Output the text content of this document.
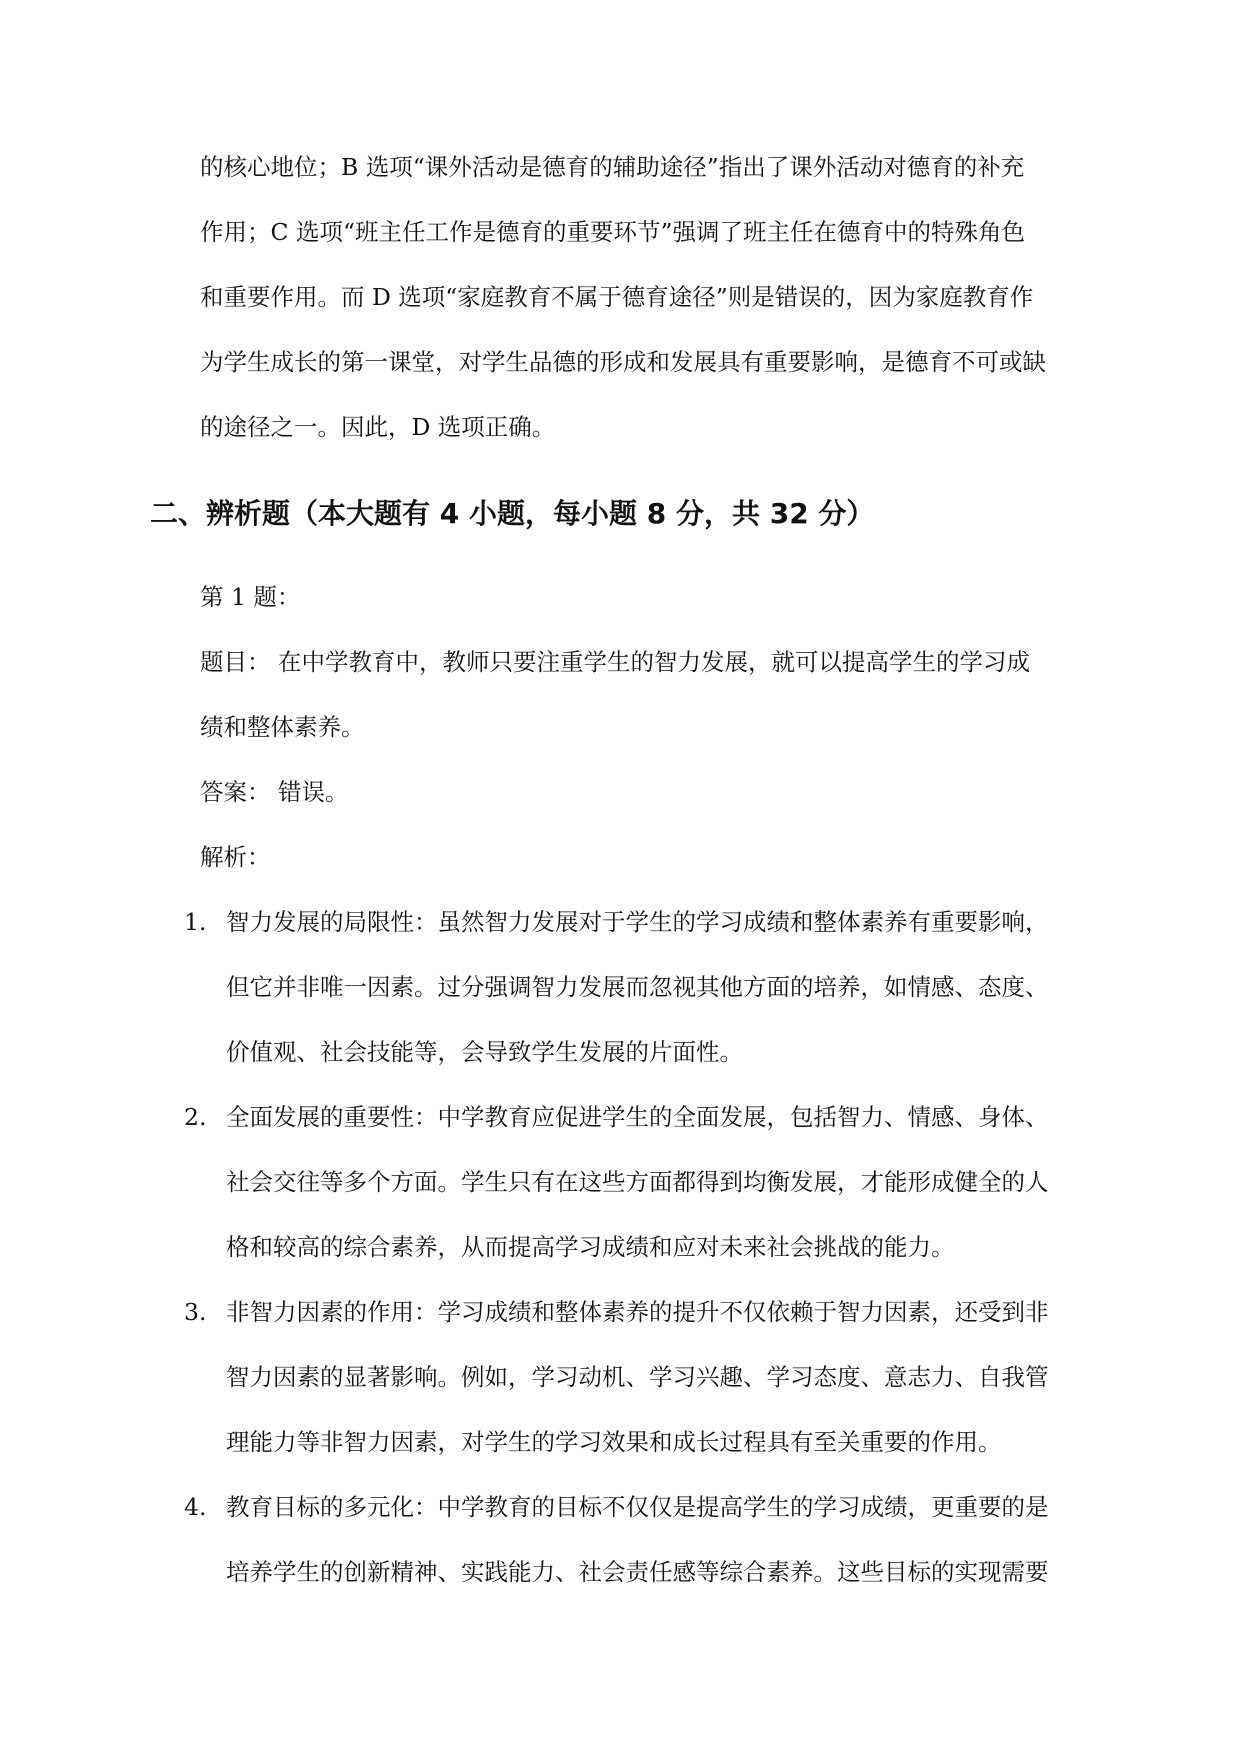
的核心地位；B 选项“课外活动是德育的辅助途径”指出了课外活动对德育的补充
作用；C 选项“班主任工作是德育的重要环节”强调了班主任在德育中的特殊角色
和重要作用。而 D 选项“家庭教育不属于德育途径”则是错误的，因为家庭教育作
为学生成长的第一课堂，对学生品德的形成和发展具有重要影响，是德育不可或缺
的途径之一。因此，D 选项正确。
二、辨析题（本大题有 4 小题，每小题 8 分，共 32 分）
第 1 题：
题目： 在中学教育中，教师只要注重学生的智力发展，就可以提高学生的学习成
绩和整体素养。
答案： 错误。
解析：
1. 智力发展的局限性：虽然智力发展对于学生的学习成绩和整体素养有重要影响，
但它并非唯一因素。过分强调智力发展而忽视其他方面的培养，如情感、态度、
价值观、社会技能等，会导致学生发展的片面性。
2. 全面发展的重要性：中学教育应促进学生的全面发展，包括智力、情感、身体、
社会交往等多个方面。学生只有在这些方面都得到均衡发展，才能形成健全的人
格和较高的综合素养，从而提高学习成绩和应对未来社会挑战的能力。
3. 非智力因素的作用：学习成绩和整体素养的提升不仅依赖于智力因素，还受到非
智力因素的显著影响。例如，学习动机、学习兴趣、学习态度、意志力、自我管
理能力等非智力因素，对学生的学习效果和成长过程具有至关重要的作用。
4. 教育目标的多元化：中学教育的目标不仅仅是提高学生的学习成绩，更重要的是
培养学生的创新精神、实践能力、社会责任感等综合素养。这些目标的实现需要
